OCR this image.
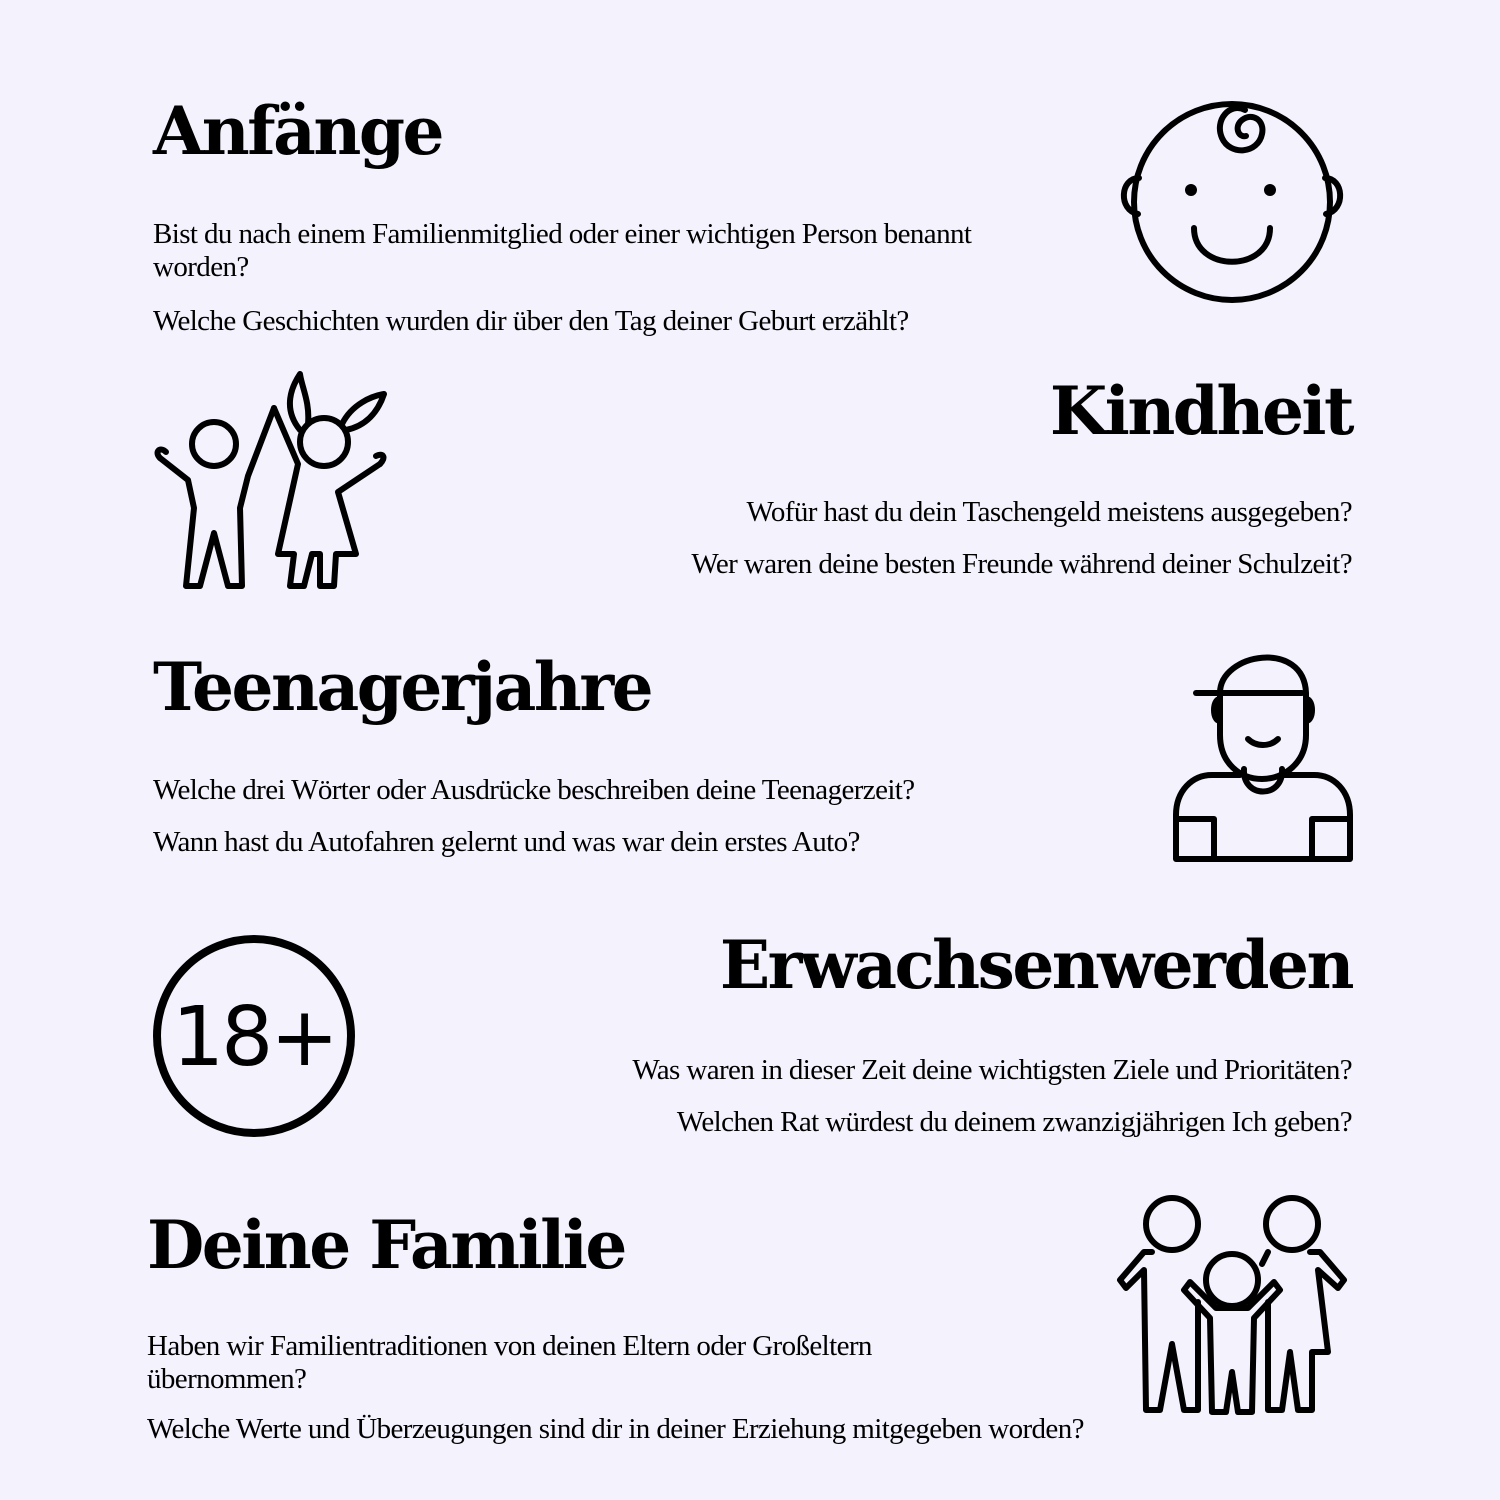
Anfänge

Bist du nach einem Familienmitglied oder einer wichtigen Person benannt worden?

Welche Geschichten wurden dir über den Tag deiner Geburt erzählt?

Kindheit

Wofür hast du dein Taschengeld meistens ausgegeben?

Wer waren deine besten Freunde während deiner Schulzeit?

Teenagerjahre

Welche drei Wörter oder Ausdrücke beschreiben deine Teenagerzeit?

Wann hast du Autofahren gelernt und was war dein erstes Auto?

Erwachsenwerden

Was waren in dieser Zeit deine wichtigsten Ziele und Prioritäten?

Welchen Rat würdest du deinem zwanzigjährigen Ich geben?

18+
Deine Familie

Haben wir Familientraditionen von deinen Eltern oder Großeltern übernommen?

Welche Werte und Überzeugungen sind dir in deiner Erziehung mitgegeben worden?
